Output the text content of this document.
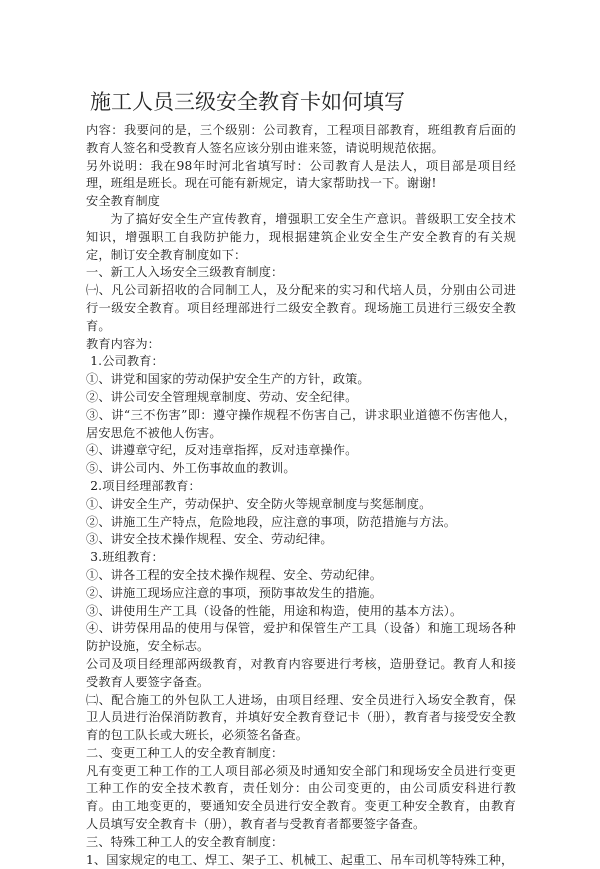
施工人员三级安全教育卡如何填写

内容：我要问的是，三个级别：公司教育，工程项目部教育，班组教育后面的教育人签名和受教育人签名应该分别由谁来签，请说明规范依据。

另外说明：我在98年时河北省填写时：公司教育人是法人，项目部是项目经理，班组是班长。现在可能有新规定，请大家帮助找一下。谢谢!

安全教育制度

为了搞好安全生产宣传教育，增强职工安全生产意识。普级职工安全技术知识，增强职工自我防护能力，现根据建筑企业安全生产安全教育的有关规定，制订安全教育制度如下：

一、新工人入场安全三级教育制度：

㈠、凡公司新招收的合同制工人，及分配来的实习和代培人员，分别由公司进行一级安全教育。项目经理部进行二级安全教育。现场施工员进行三级安全教育。

教育内容为：

1.公司教育：

①、讲党和国家的劳动保护安全生产的方针，政策。

②、讲公司安全管理规章制度、劳动、安全纪律。

③、讲“三不伤害”即：遵守操作规程不伤害自己，讲求职业道德不伤害他人，居安思危不被他人伤害。

④、讲遵章守纪，反对违章指挥，反对违章操作。

⑤、讲公司内、外工伤事故血的教训。

2.项目经理部教育：

①、讲安全生产，劳动保护、安全防火等规章制度与奖惩制度。

②、讲施工生产特点，危险地段，应注意的事项，防范措施与方法。

③、讲安全技术操作规程、安全、劳动纪律。

3.班组教育：

①、讲各工程的安全技术操作规程、安全、劳动纪律。

②、讲施工现场应注意的事项，预防事故发生的措施。

③、讲使用生产工具（设备的性能，用途和构造，使用的基本方法）。

④、讲劳保用品的使用与保管，爱护和保管生产工具（设备）和施工现场各种防护设施，安全标志。

公司及项目经理部两级教育，对教育内容要进行考核，造册登记。教育人和接受教育人要签字备查。

㈡、配合施工的外包队工人进场，由项目经理、安全员进行入场安全教育，保卫人员进行治保消防教育，并填好安全教育登记卡（册），教育者与接受安全教育的包工队长或大班长，必须签名备查。

二、变更工种工人的安全教育制度：

凡有变更工种工作的工人项目部必须及时通知安全部门和现场安全员进行变更工种工作的安全技术教育，责任划分：由公司变更的，由公司质安科进行教育。由工地变更的，要通知安全员进行安全教育。变更工种安全教育，由教育人员填写安全教育卡（册），教育者与受教育者都要签字备查。

三、特殊工种工人的安全教育制度：

1、国家规定的电工、焊工、架子工、机械工、起重工、吊车司机等特殊工种，
